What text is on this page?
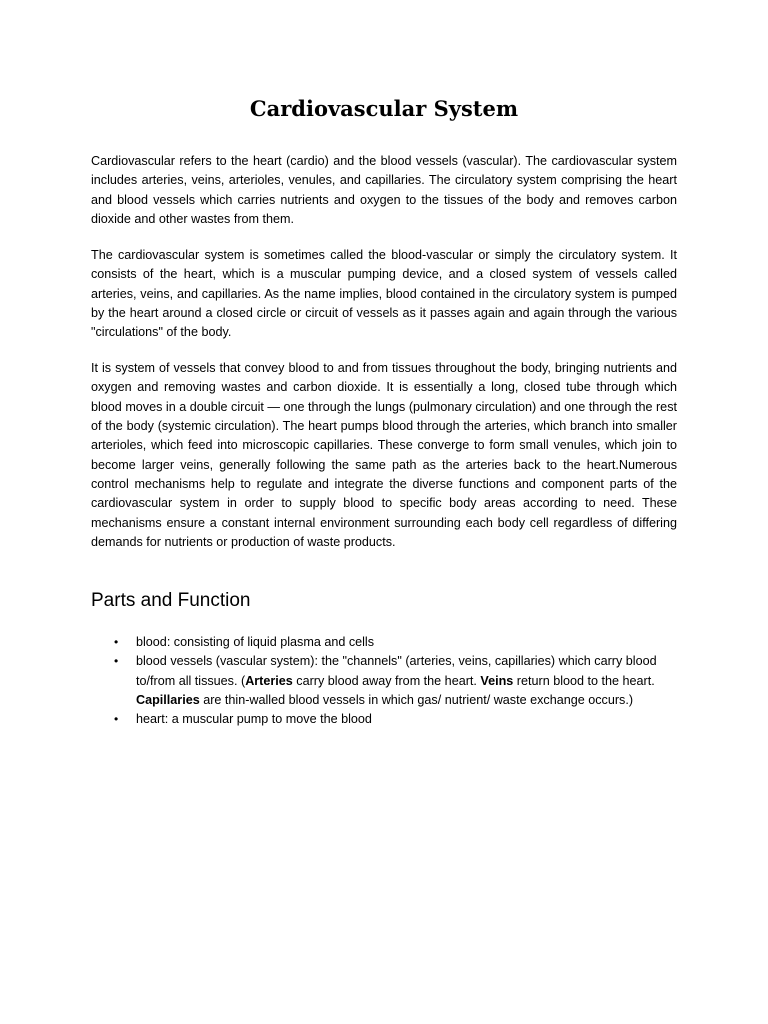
Cardiovascular System

Cardiovascular refers to the heart (cardio) and the blood vessels (vascular). The cardiovascular system includes arteries, veins, arterioles, venules, and capillaries. The circulatory system comprising the heart and blood vessels which carries nutrients and oxygen to the tissues of the body and removes carbon dioxide and other wastes from them.

The cardiovascular system is sometimes called the blood-vascular or simply the circulatory system. It consists of the heart, which is a muscular pumping device, and a closed system of vessels called arteries, veins, and capillaries. As the name implies, blood contained in the circulatory system is pumped by the heart around a closed circle or circuit of vessels as it passes again and again through the various "circulations" of the body.

It is system of vessels that convey blood to and from tissues throughout the body, bringing nutrients and oxygen and removing wastes and carbon dioxide. It is essentially a long, closed tube through which blood moves in a double circuit — one through the lungs (pulmonary circulation) and one through the rest of the body (systemic circulation). The heart pumps blood through the arteries, which branch into smaller arterioles, which feed into microscopic capillaries. These converge to form small venules, which join to become larger veins, generally following the same path as the arteries back to the heart.Numerous control mechanisms help to regulate and integrate the diverse functions and component parts of the cardiovascular system in order to supply blood to specific body areas according to need. These mechanisms ensure a constant internal environment surrounding each body cell regardless of differing demands for nutrients or production of waste products.

Parts and Function
• blood: consisting of liquid plasma and cells
• blood vessels (vascular system): the "channels" (arteries, veins, capillaries) which carry blood to/from all tissues. (Arteries carry blood away from the heart. Veins return blood to the heart. Capillaries are thin-walled blood vessels in which gas/ nutrient/ waste exchange occurs.)
• heart: a muscular pump to move the blood
